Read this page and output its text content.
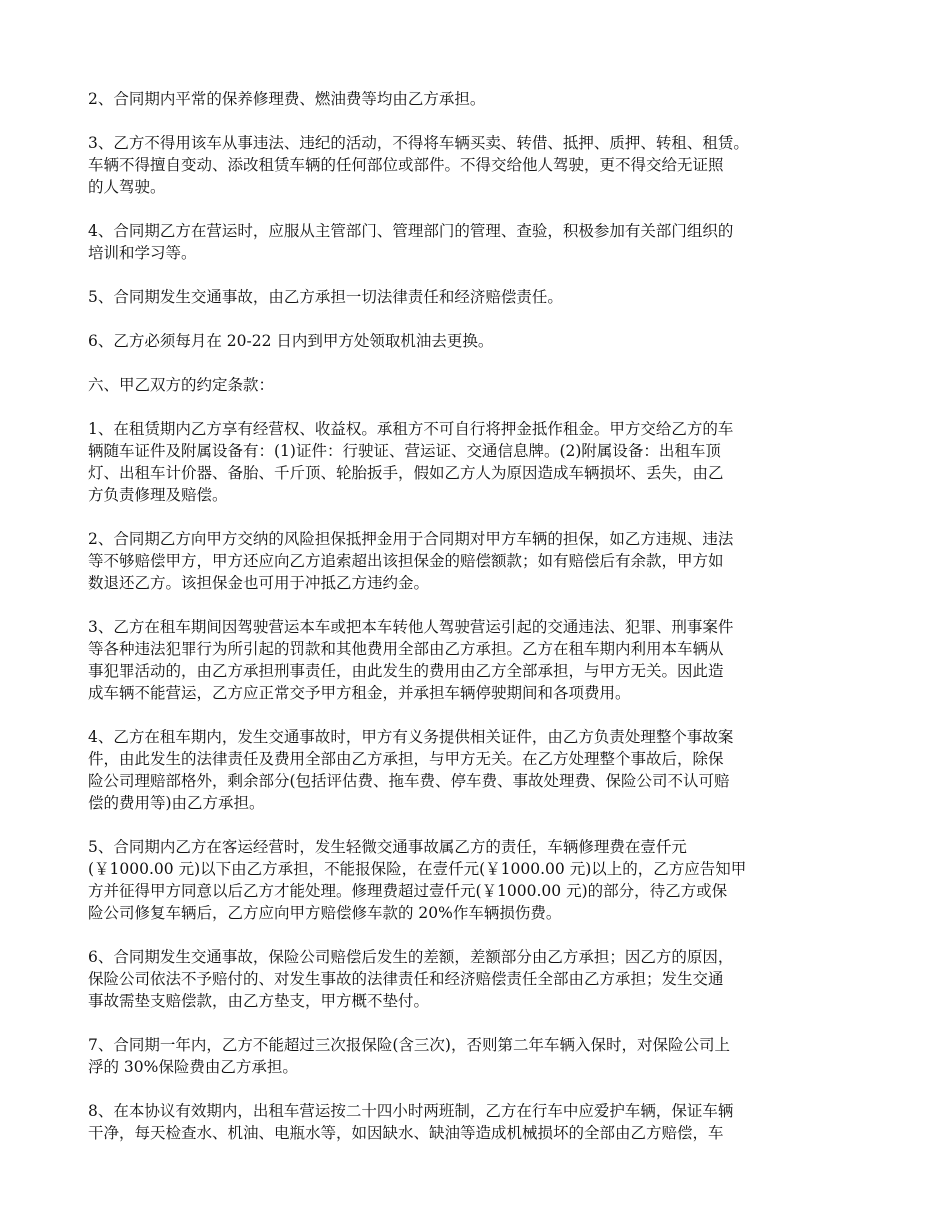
2、合同期内平常的保养修理费、燃油费等均由乙方承担。

3、乙方不得用该车从事违法、违纪的活动，不得将车辆买卖、转借、抵押、质押、转租、租赁。
车辆不得擅自变动、添改租赁车辆的任何部位或部件。不得交给他人驾驶，更不得交给无证照
的人驾驶。

4、合同期乙方在营运时，应服从主管部门、管理部门的管理、查验，积极参加有关部门组织的
培训和学习等。

5、合同期发生交通事故，由乙方承担一切法律责任和经济赔偿责任。

6、乙方必须每月在 20-22 日内到甲方处领取机油去更换。

六、甲乙双方的约定条款：

1、在租赁期内乙方享有经营权、收益权。承租方不可自行将押金抵作租金。甲方交给乙方的车
辆随车证件及附属设备有：(1)证件：行驶证、营运证、交通信息牌。(2)附属设备：出租车顶
灯、出租车计价器、备胎、千斤顶、轮胎扳手，假如乙方人为原因造成车辆损坏、丢失，由乙
方负责修理及赔偿。

2、合同期乙方向甲方交纳的风险担保抵押金用于合同期对甲方车辆的担保，如乙方违规、违法
等不够赔偿甲方，甲方还应向乙方追索超出该担保金的赔偿额款；如有赔偿后有余款，甲方如
数退还乙方。该担保金也可用于冲抵乙方违约金。

3、乙方在租车期间因驾驶营运本车或把本车转他人驾驶营运引起的交通违法、犯罪、刑事案件
等各种违法犯罪行为所引起的罚款和其他费用全部由乙方承担。乙方在租车期内利用本车辆从
事犯罪活动的，由乙方承担刑事责任，由此发生的费用由乙方全部承担，与甲方无关。因此造
成车辆不能营运，乙方应正常交予甲方租金，并承担车辆停驶期间和各项费用。

4、乙方在租车期内，发生交通事故时，甲方有义务提供相关证件，由乙方负责处理整个事故案
件，由此发生的法律责任及费用全部由乙方承担，与甲方无关。在乙方处理整个事故后，除保
险公司理赔部格外，剩余部分(包括评估费、拖车费、停车费、事故处理费、保险公司不认可赔
偿的费用等)由乙方承担。

5、合同期内乙方在客运经营时，发生轻微交通事故属乙方的责任，车辆修理费在壹仟元
(￥1000.00 元)以下由乙方承担，不能报保险，在壹仟元(￥1000.00 元)以上的，乙方应告知甲
方并征得甲方同意以后乙方才能处理。修理费超过壹仟元(￥1000.00 元)的部分，待乙方或保
险公司修复车辆后，乙方应向甲方赔偿修车款的 20%作车辆损伤费。

6、合同期发生交通事故，保险公司赔偿后发生的差额，差额部分由乙方承担；因乙方的原因，
保险公司依法不予赔付的、对发生事故的法律责任和经济赔偿责任全部由乙方承担；发生交通
事故需垫支赔偿款，由乙方垫支，甲方概不垫付。

7、合同期一年内，乙方不能超过三次报保险(含三次)，否则第二年车辆入保时，对保险公司上
浮的 30%保险费由乙方承担。

8、在本协议有效期内，出租车营运按二十四小时两班制，乙方在行车中应爱护车辆，保证车辆
干净，每天检查水、机油、电瓶水等，如因缺水、缺油等造成机械损坏的全部由乙方赔偿，车
